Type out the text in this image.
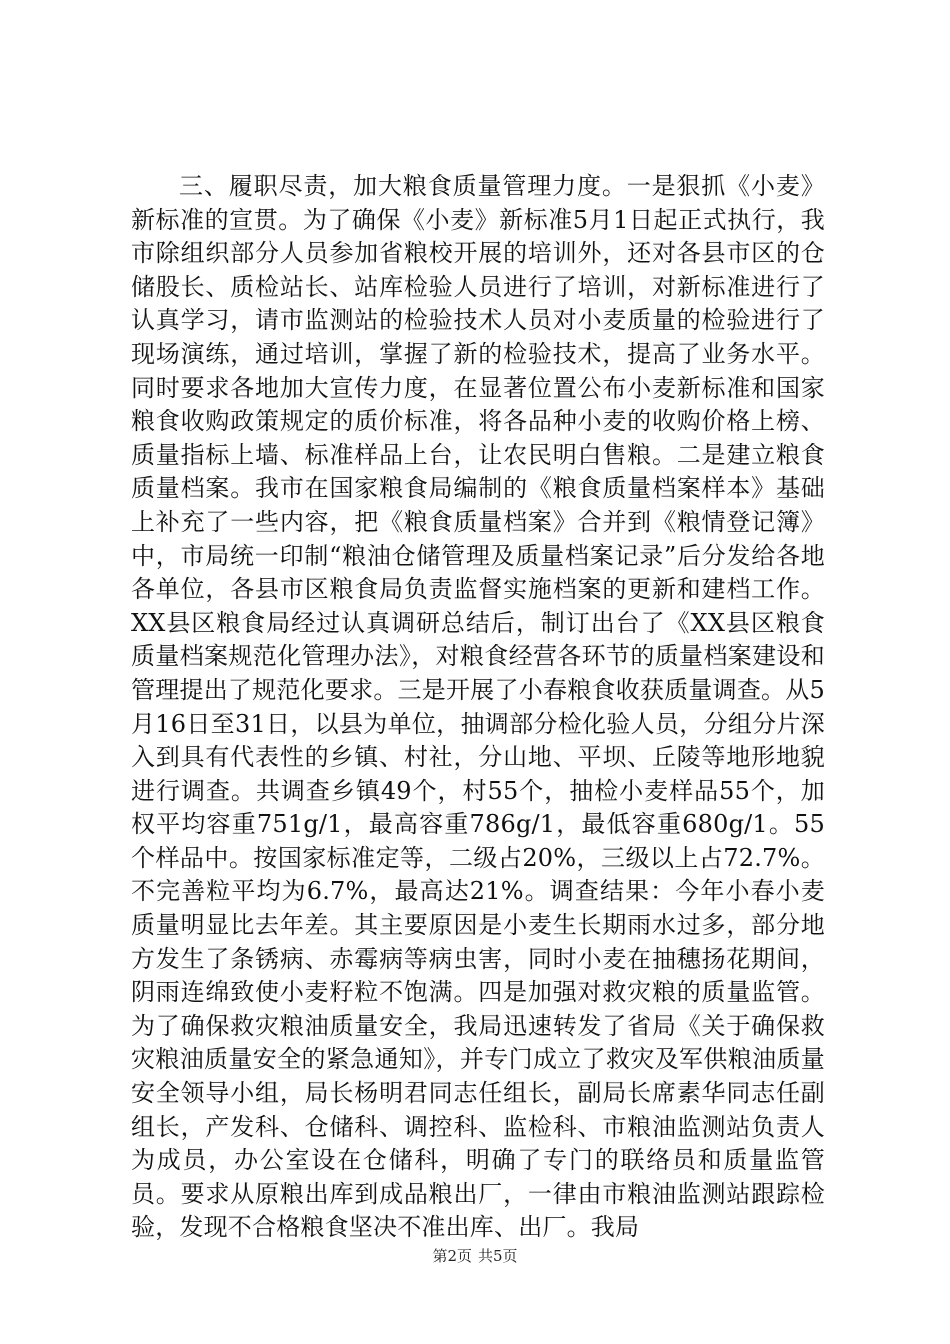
三、履职尽责，加大粮食质量管理力度。一是狠抓《小麦》新标准的宣贯。为了确保《小麦》新标准5月1日起正式执行，我市除组织部分人员参加省粮校开展的培训外，还对各县市区的仓储股长、质检站长、站库检验人员进行了培训，对新标准进行了认真学习，请市监测站的检验技术人员对小麦质量的检验进行了现场演练，通过培训，掌握了新的检验技术，提高了业务水平。同时要求各地加大宣传力度，在显著位置公布小麦新标准和国家粮食收购政策规定的质价标准，将各品种小麦的收购价格上榜、质量指标上墙、标准样品上台，让农民明白售粮。二是建立粮食质量档案。我市在国家粮食局编制的《粮食质量档案样本》基础上补充了一些内容，把《粮食质量档案》合并到《粮情登记簿》中，市局统一印制“粮油仓储管理及质量档案记录”后分发给各地各单位，各县市区粮食局负责监督实施档案的更新和建档工作。XX县区粮食局经过认真调研总结后，制订出台了《XX县区粮食质量档案规范化管理办法》，对粮食经营各环节的质量档案建设和管理提出了规范化要求。三是开展了小春粮食收获质量调查。从5月16日至31日，以县为单位，抽调部分检化验人员，分组分片深入到具有代表性的乡镇、村社，分山地、平坝、丘陵等地形地貌进行调查。共调查乡镇49个，村55个，抽检小麦样品55个，加权平均容重751g/1，最高容重786g/1，最低容重680g/1。55个样品中。按国家标准定等，二级占20%，三级以上占72.7%。不完善粒平均为6.7%，最高达21%。调查结果：今年小春小麦质量明显比去年差。其主要原因是小麦生长期雨水过多，部分地方发生了条锈病、赤霉病等病虫害，同时小麦在抽穗扬花期间，阴雨连绵致使小麦籽粒不饱满。四是加强对救灾粮的质量监管。为了确保救灾粮油质量安全，我局迅速转发了省局《关于确保救灾粮油质量安全的紧急通知》，并专门成立了救灾及军供粮油质量安全领导小组，局长杨明君同志任组长，副局长席素华同志任副组长，产发科、仓储科、调控科、监检科、市粮油监测站负责人为成员，办公室设在仓储科，明确了专门的联络员和质量监管员。要求从原粮出库到成品粮出厂，一律由市粮油监测站跟踪检验，发现不合格粮食坚决不准出库、出厂。我局

第2页 共5页
